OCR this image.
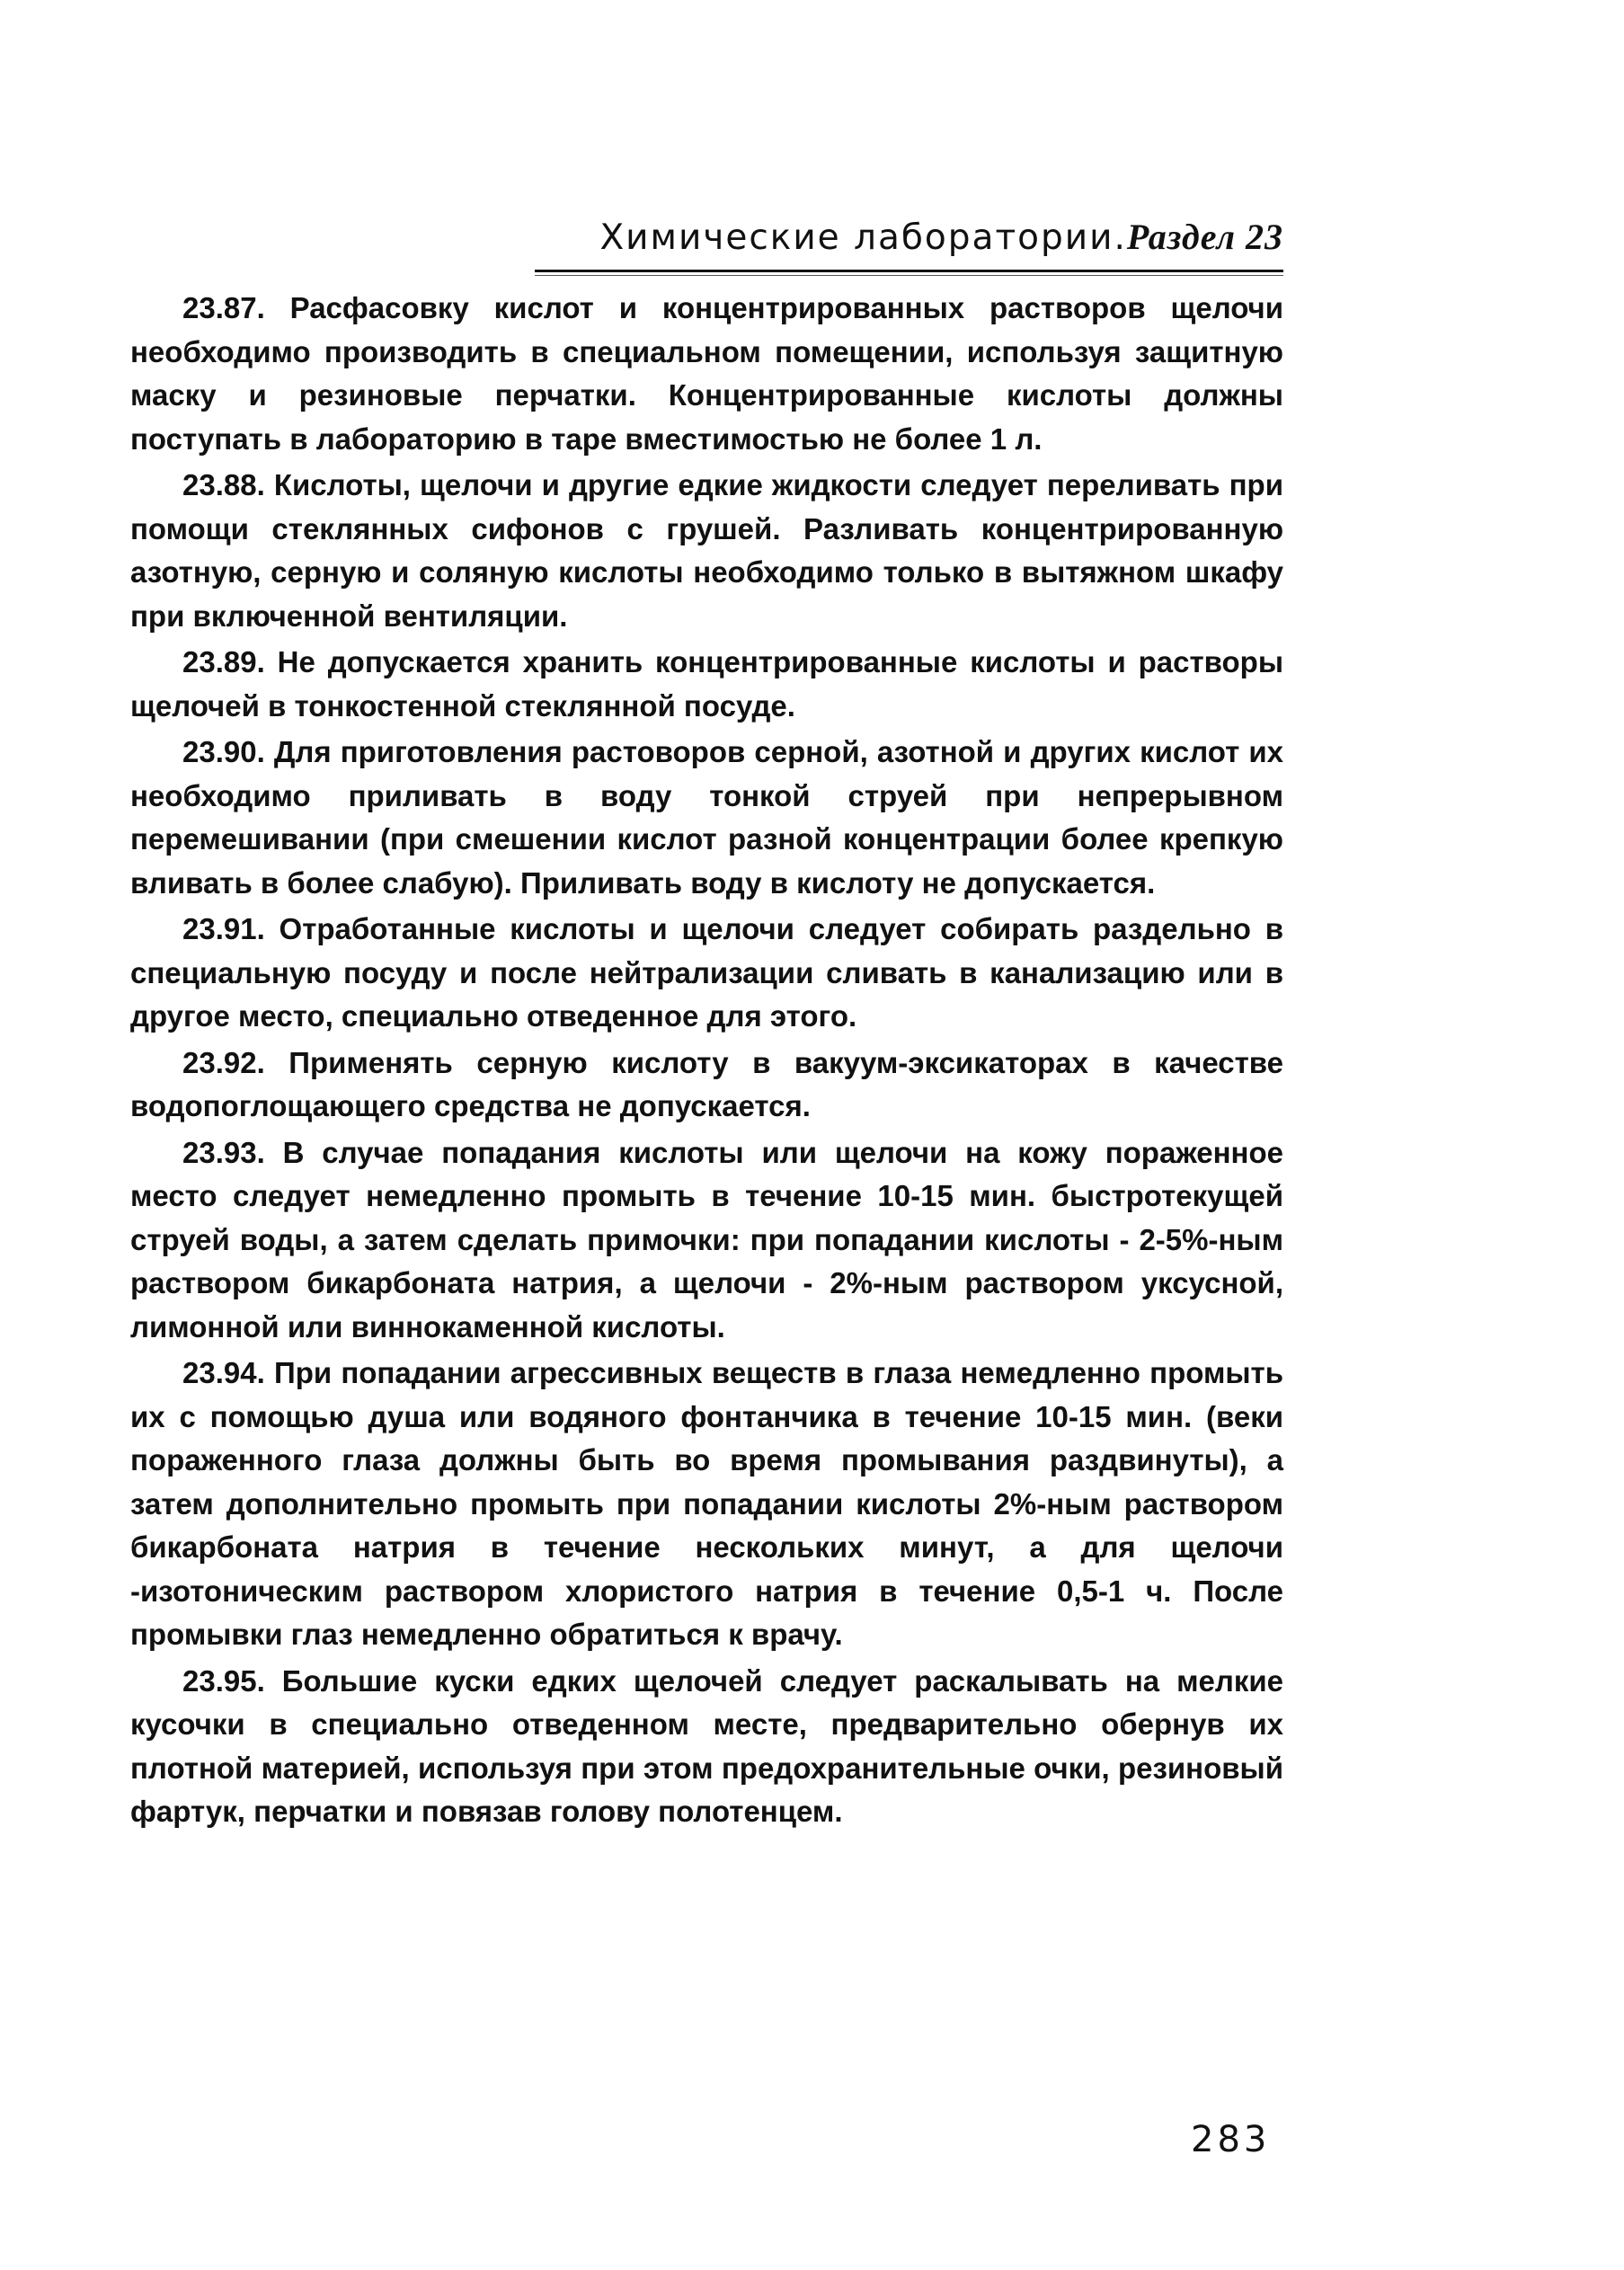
Химические лаборатории. Раздел 23

23.87. Расфасовку кислот и концентрированных растворов щелочи необходимо производить в специальном помещении, используя защитную маску и резиновые перчатки. Концентрированные кислоты должны поступать в лабораторию в таре вместимостью не более 1 л.

23.88. Кислоты, щелочи и другие едкие жидкости следует переливать при помощи стеклянных сифонов с грушей. Разливать концентрированную азотную, серную и соляную кислоты необходимо только в вытяжном шкафу при включенной вентиляции.

23.89. Не допускается хранить концентрированные кислоты и растворы щелочей в тонкостенной стеклянной посуде.

23.90. Для приготовления растоворов серной, азотной и других кислот их необходимо приливать в воду тонкой струей при непрерывном перемешивании (при смешении кислот разной концентрации более крепкую вливать в более слабую). Приливать воду в кислоту не допускается.

23.91. Отработанные кислоты и щелочи следует собирать раздельно в специальную посуду и после нейтрализации сливать в канализацию или в другое место, специально отведенное для этого.

23.92. Применять серную кислоту в вакуум-эксикаторах в качестве водопоглощающего средства не допускается.

23.93. В случае попадания кислоты или щелочи на кожу пораженное место следует немедленно промыть в течение 10-15 мин. быстротекущей струей воды, а затем сделать примочки: при попадании кислоты - 2-5%-ным раствором бикарбоната натрия, а щелочи - 2%-ным раствором уксусной, лимонной или виннокаменной кислоты.

23.94. При попадании агрессивных веществ в глаза немедленно промыть их с помощью душа или водяного фонтанчика в течение 10-15 мин. (веки пораженного глаза должны быть во время промывания раздвинуты), а затем дополнительно промыть при попадании кислоты 2%-ным раствором бикарбоната натрия в течение нескольких минут, а для щелочи -изотоническим раствором хлористого натрия в течение 0,5-1 ч. После промывки глаз немедленно обратиться к врачу.

23.95. Большие куски едких щелочей следует раскалывать на мелкие кусочки в специально отведенном месте, предварительно обернув их плотной материей, используя при этом предохранительные очки, резиновый фартук, перчатки и повязав голову полотенцем.

283
